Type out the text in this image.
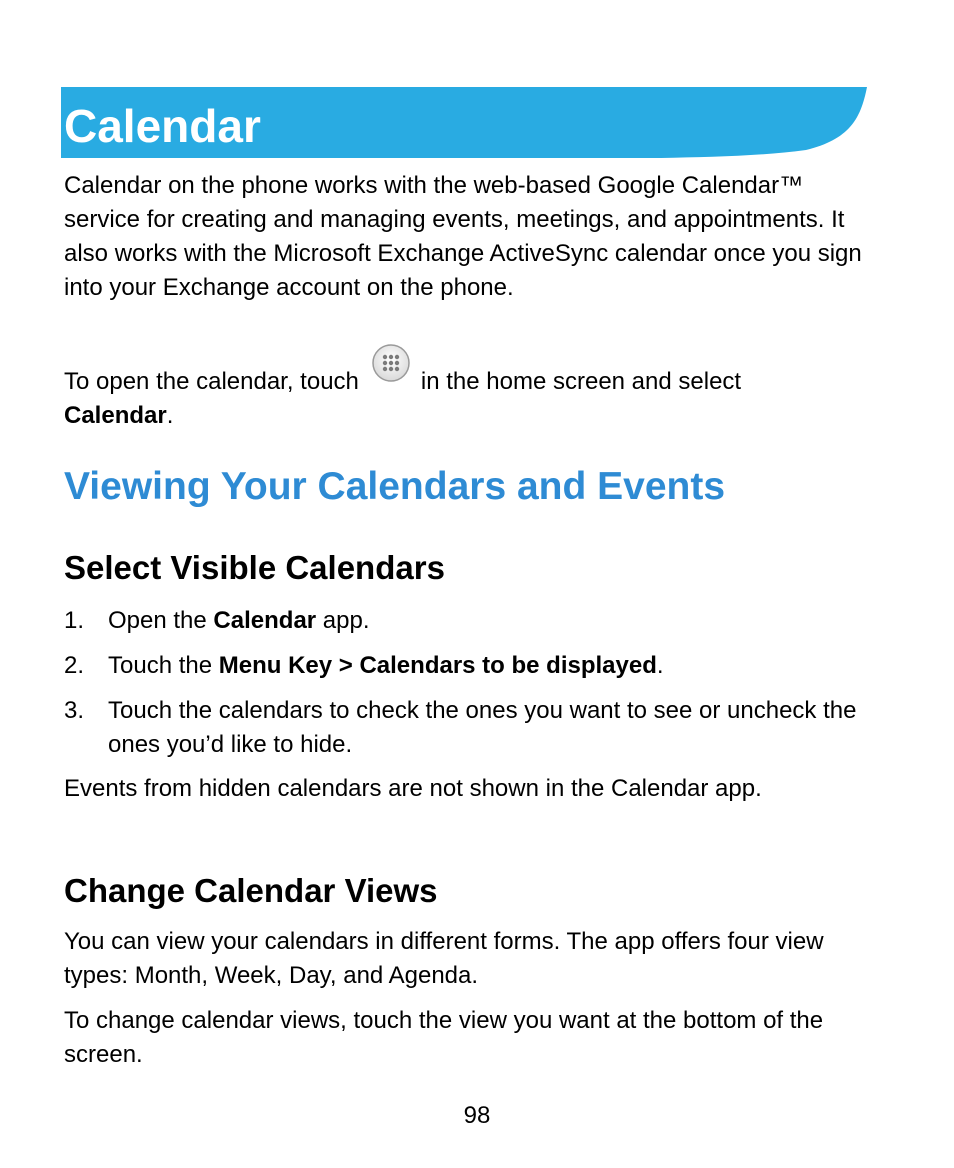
Calendar

Calendar on the phone works with the web-based Google Calendar™ service for creating and managing events, meetings, and appointments. It also works with the Microsoft Exchange ActiveSync calendar once you sign into your Exchange account on the phone.

To open the calendar, touch	in the home screen and select
Calendar.

Viewing Your Calendars and Events
Select Visible Calendars
1. Open the Calendar app.
2. Touch the Menu Key > Calendars to be displayed.
3. Touch the calendars to check the ones you want to see or uncheck the ones you’d like to hide.

Events from hidden calendars are not shown in the Calendar app.

Change Calendar Views

You can view your calendars in different forms. The app offers four view types: Month, Week, Day, and Agenda.

To change calendar views, touch the view you want at the bottom of the screen.

98
